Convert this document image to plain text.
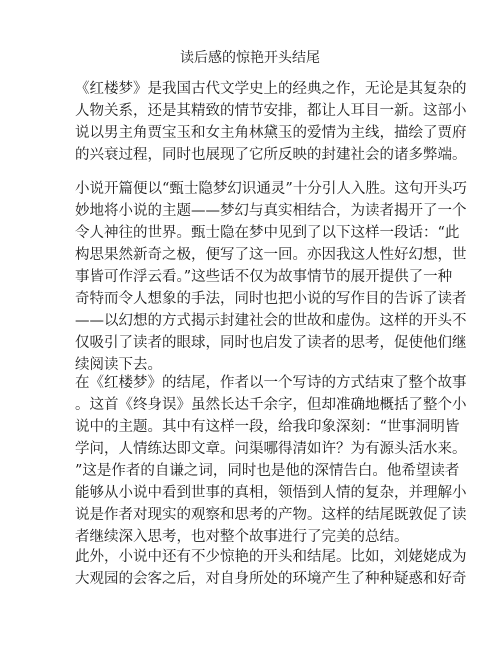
读后感的惊艳开头结尾
《红楼梦》是我国古代文学史上的经典之作，无论是其复杂的
人物关系，还是其精致的情节安排，都让人耳目一新。这部小
说以男主角贾宝玉和女主角林黛玉的爱情为主线，描绘了贾府
的兴衰过程，同时也展现了它所反映的封建社会的诸多弊端。
小说开篇便以“甄士隐梦幻识通灵”十分引人入胜。这句开头巧
妙地将小说的主题——梦幻与真实相结合，为读者揭开了一个
令人神往的世界。甄士隐在梦中见到了以下这样一段话：“此
构思果然新奇之极，便写了这一回。亦因我这人性好幻想，世
事皆可作浮云看。”这些话不仅为故事情节的展开提供了一种
奇特而令人想象的手法，同时也把小说的写作目的告诉了读者
——以幻想的方式揭示封建社会的世故和虚伪。这样的开头不
仅吸引了读者的眼球，同时也启发了读者的思考，促使他们继
续阅读下去。
在《红楼梦》的结尾，作者以一个写诗的方式结束了整个故事
。这首《终身误》虽然长达千余字，但却准确地概括了整个小
说中的主题。其中有这样一段，给我印象深刻：“世事洞明皆
学问，人情练达即文章。问渠哪得清如许？为有源头活水来。
”这是作者的自谦之词，同时也是他的深情告白。他希望读者
能够从小说中看到世事的真相，领悟到人情的复杂，并理解小
说是作者对现实的观察和思考的产物。这样的结尾既敦促了读
者继续深入思考，也对整个故事进行了完美的总结。
此外，小说中还有不少惊艳的开头和结尾。比如，刘姥姥成为
大观园的会客之后，对自身所处的环境产生了种种疑惑和好奇
